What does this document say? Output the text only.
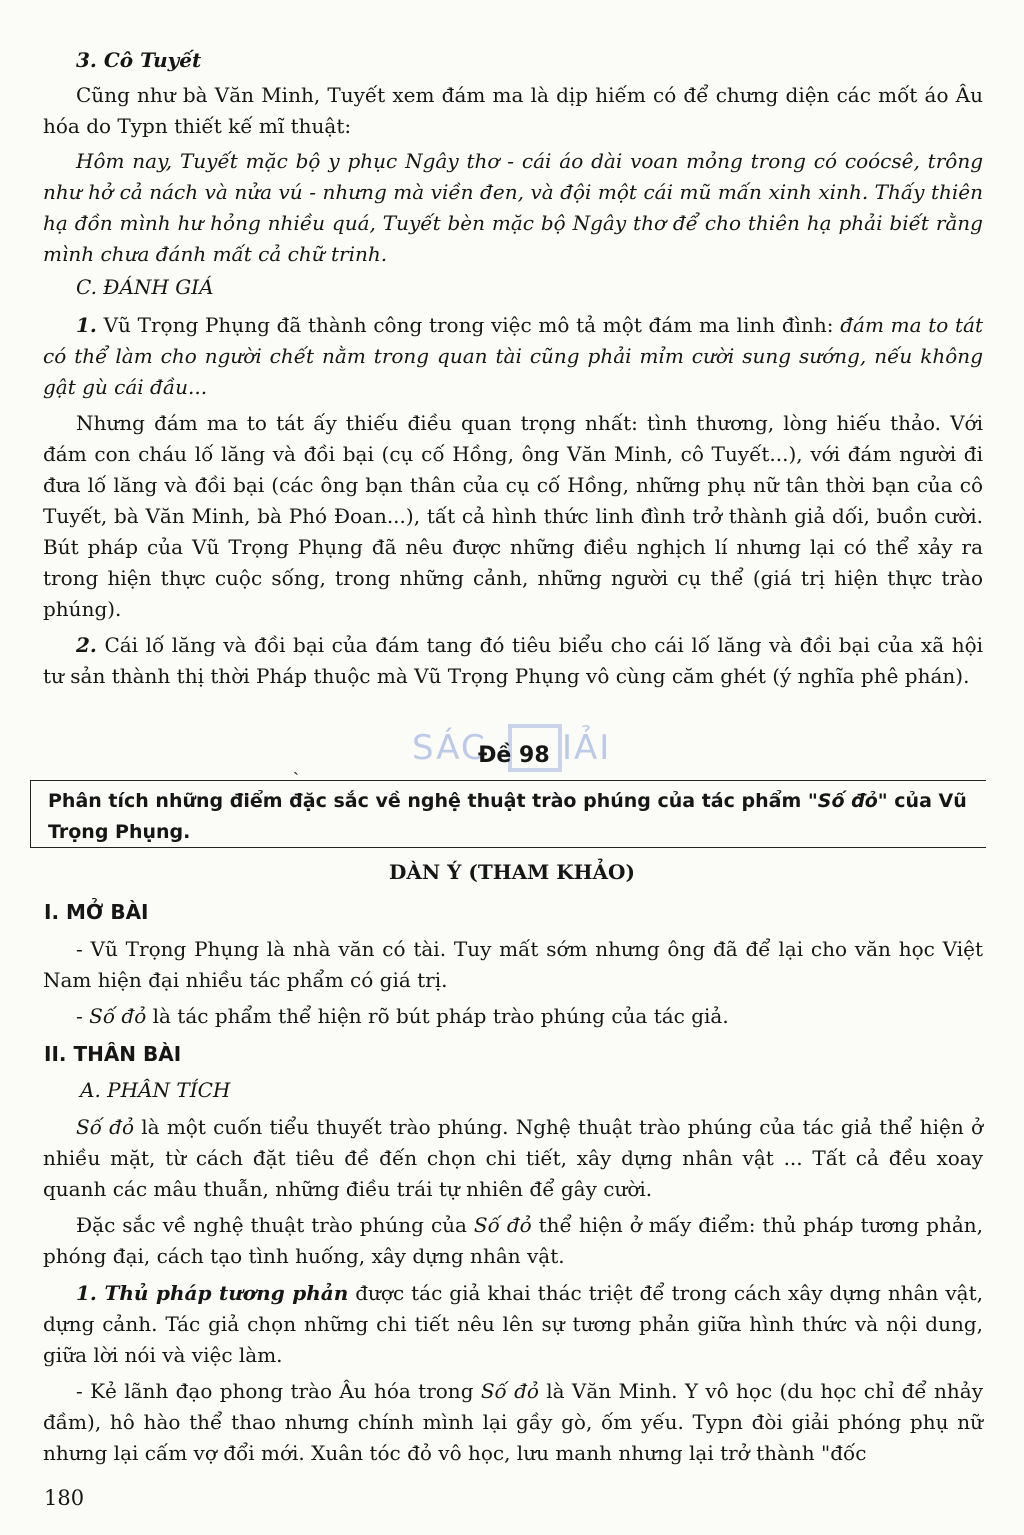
3. Cô Tuyết

Cũng như bà Văn Minh, Tuyết xem đám ma là dịp hiếm có để chưng diện các mốt áo Âu hóa do Typn thiết kế mĩ thuật:

Hôm nay, Tuyết mặc bộ y phục Ngây thơ - cái áo dài voan mỏng trong có coócsê, trông như hở cả nách và nửa vú - nhưng mà viền đen, và đội một cái mũ mấn xinh xinh. Thấy thiên hạ đồn mình hư hỏng nhiều quá, Tuyết bèn mặc bộ Ngây thơ để cho thiên hạ phải biết rằng mình chưa đánh mất cả chữ trinh.

C. ĐÁNH GIÁ

1. Vũ Trọng Phụng đã thành công trong việc mô tả một đám ma linh đình: đám ma to tát có thể làm cho người chết nằm trong quan tài cũng phải mỉm cười sung sướng, nếu không gật gù cái đầu...

Nhưng đám ma to tát ấy thiếu điều quan trọng nhất: tình thương, lòng hiếu thảo. Với đám con cháu lố lăng và đồi bại (cụ cố Hồng, ông Văn Minh, cô Tuyết...), với đám người đi đưa lố lăng và đồi bại (các ông bạn thân của cụ cố Hồng, những phụ nữ tân thời bạn của cô Tuyết, bà Văn Minh, bà Phó Đoan...), tất cả hình thức linh đình trở thành giả dối, buồn cười. Bút pháp của Vũ Trọng Phụng đã nêu được những điều nghịch lí nhưng lại có thể xảy ra trong hiện thực cuộc sống, trong những cảnh, những người cụ thể (giá trị hiện thực trào phúng).

2. Cái lố lăng và đồi bại của đám tang đó tiêu biểu cho cái lố lăng và đồi bại của xã hội tư sản thành thị thời Pháp thuộc mà Vũ Trọng Phụng vô cùng căm ghét (ý nghĩa phê phán).

ˎ	SÁC IẢI
Đề 98

Phân tích những điểm đặc sắc về nghệ thuật trào phúng của tác phẩm "Số đỏ" của Vũ Trọng Phụng.

DÀN Ý (THAM KHẢO)

I. MỞ BÀI

- Vũ Trọng Phụng là nhà văn có tài. Tuy mất sớm nhưng ông đã để lại cho văn học Việt Nam hiện đại nhiều tác phẩm có giá trị.

- Số đỏ là tác phẩm thể hiện rõ bút pháp trào phúng của tác giả.

II. THÂN BÀI

A. PHÂN TÍCH

Số đỏ là một cuốn tiểu thuyết trào phúng. Nghệ thuật trào phúng của tác giả thể hiện ở nhiều mặt, từ cách đặt tiêu đề đến chọn chi tiết, xây dựng nhân vật ... Tất cả đều xoay quanh các mâu thuẫn, những điều trái tự nhiên để gây cười.

Đặc sắc về nghệ thuật trào phúng của Số đỏ thể hiện ở mấy điểm: thủ pháp tương phản, phóng đại, cách tạo tình huống, xây dựng nhân vật.

1. Thủ pháp tương phản được tác giả khai thác triệt để trong cách xây dựng nhân vật, dựng cảnh. Tác giả chọn những chi tiết nêu lên sự tương phản giữa hình thức và nội dung, giữa lời nói và việc làm.

- Kẻ lãnh đạo phong trào Âu hóa trong Số đỏ là Văn Minh. Y vô học (du học chỉ để nhảy đầm), hô hào thể thao nhưng chính mình lại gầy gò, ốm yếu. Typn đòi giải phóng phụ nữ nhưng lại cấm vợ đổi mới. Xuân tóc đỏ vô học, lưu manh nhưng lại trở thành "đốc

180
